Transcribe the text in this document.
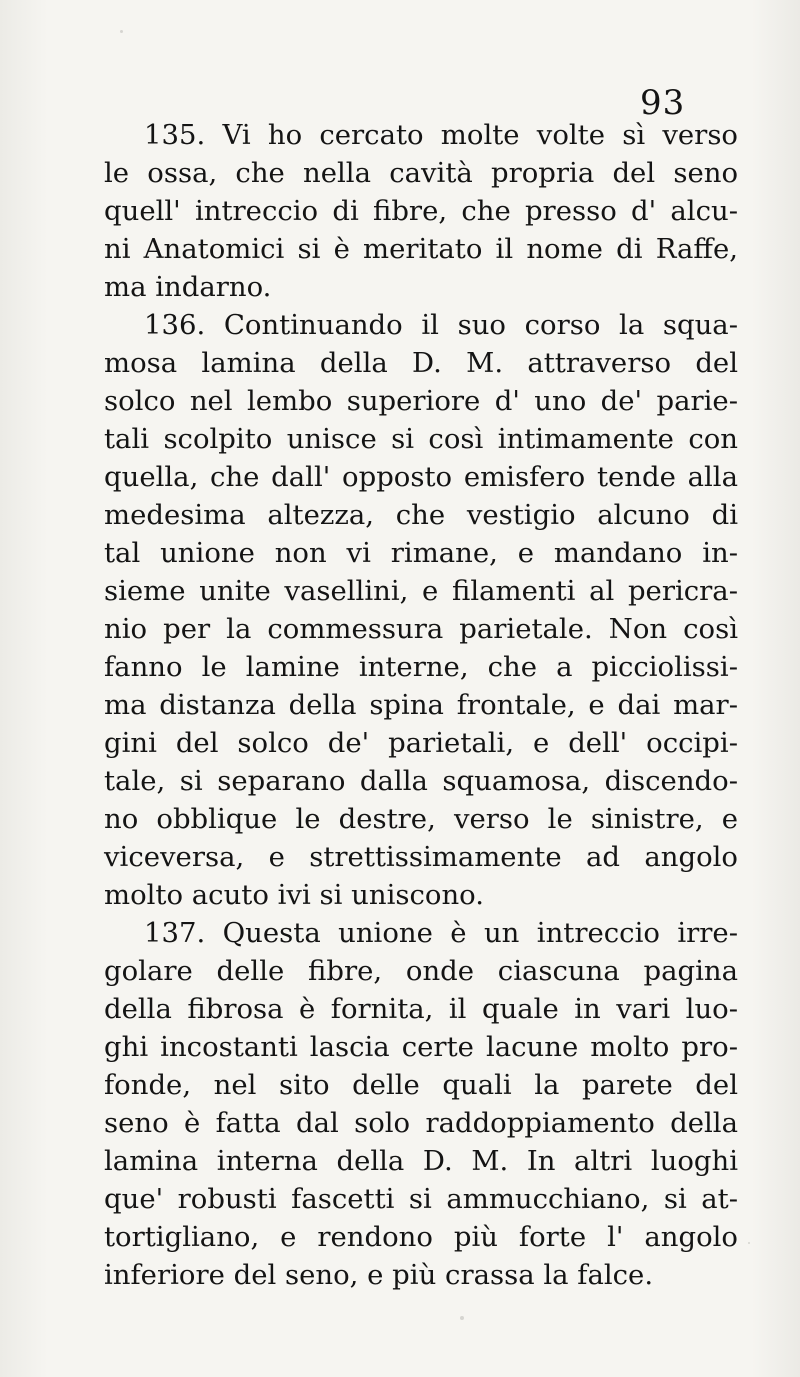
93
135. Vi ho cercato molte volte sì verso
le ossa, che nella cavità propria del seno
quell' intreccio di fibre, che presso d' alcu-
ni Anatomici si è meritato il nome di Raffe,
ma indarno.
136. Continuando il suo corso la squa-
mosa lamina della D. M. attraverso del
solco nel lembo superiore d' uno de' parie-
tali scolpito unisce si così intimamente con
quella, che dall' opposto emisfero tende alla
medesima altezza, che vestigio alcuno di
tal unione non vi rimane, e mandano in-
sieme unite vasellini, e filamenti al pericra-
nio per la commessura parietale. Non così
fanno le lamine interne, che a picciolissi-
ma distanza della spina frontale, e dai mar-
gini del solco de' parietali, e dell' occipi-
tale, si separano dalla squamosa, discendo-
no obblique le destre, verso le sinistre, e
viceversa, e strettissimamente ad angolo
molto acuto ivi si uniscono.
137. Questa unione è un intreccio irre-
golare delle fibre, onde ciascuna pagina
della fibrosa è fornita, il quale in vari luo-
ghi incostanti lascia certe lacune molto pro-
fonde, nel sito delle quali la parete del
seno è fatta dal solo raddoppiamento della
lamina interna della D. M. In altri luoghi
que' robusti fascetti si ammucchiano, si at-
tortigliano, e rendono più forte l' angolo
inferiore del seno, e più crassa la falce.
